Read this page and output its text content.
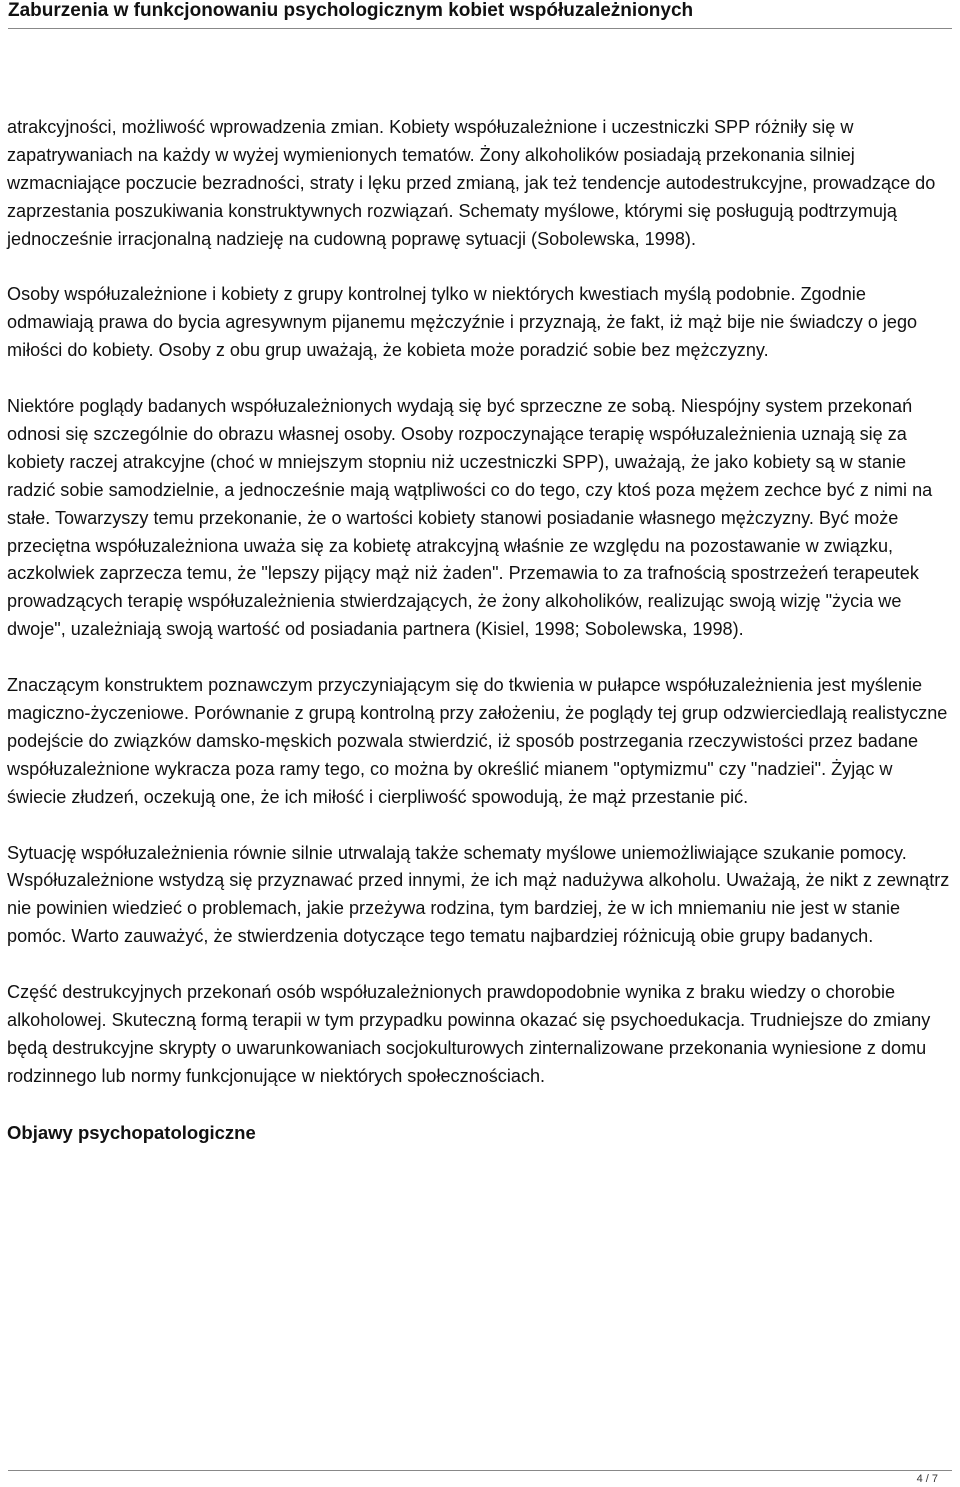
Zaburzenia w funkcjonowaniu psychologicznym kobiet współuzależnionych

atrakcyjności, możliwość wprowadzenia zmian. Kobiety współuzależnione i uczestniczki SPP różniły się w zapatrywaniach na każdy w wyżej wymienionych tematów. Żony alkoholików posiadają przekonania silniej wzmacniające poczucie bezradności, straty i lęku przed zmianą, jak też tendencje autodestrukcyjne, prowadzące do zaprzestania poszukiwania konstruktywnych rozwiązań. Schematy myślowe, którymi się posługują podtrzymują jednocześnie irracjonalną nadzieję na cudowną poprawę sytuacji (Sobolewska, 1998).

Osoby współuzależnione i kobiety z grupy kontrolnej tylko w niektórych kwestiach myślą podobnie. Zgodnie odmawiają prawa do bycia agresywnym pijanemu mężczyźnie i przyznają, że fakt, iż mąż bije nie świadczy o jego miłości do kobiety. Osoby z obu grup uważają, że kobieta może poradzić sobie bez mężczyzny.

Niektóre poglądy badanych współuzależnionych wydają się być sprzeczne ze sobą. Niespójny system przekonań odnosi się szczególnie do obrazu własnej osoby. Osoby rozpoczynające terapię współuzależnienia uznają się za kobiety raczej atrakcyjne (choć w mniejszym stopniu niż uczestniczki SPP), uważają, że jako kobiety są w stanie radzić sobie samodzielnie, a jednocześnie mają wątpliwości co do tego, czy ktoś poza mężem zechce być z nimi na stałe. Towarzyszy temu przekonanie, że o wartości kobiety stanowi posiadanie własnego mężczyzny. Być może przeciętna współuzależniona uważa się za kobietę atrakcyjną właśnie ze względu na pozostawanie w związku, aczkolwiek zaprzecza temu, że "lepszy pijący mąż niż żaden". Przemawia to za trafnością spostrzeżeń terapeutek prowadzących terapię współuzależnienia stwierdzających, że żony alkoholików, realizując swoją wizję "życia we dwoje", uzależniają swoją wartość od posiadania partnera (Kisiel, 1998; Sobolewska, 1998).

Znaczącym konstruktem poznawczym przyczyniającym się do tkwienia w pułapce współuzależnienia jest myślenie magiczno-życzeniowe. Porównanie z grupą kontrolną przy założeniu, że poglądy tej grup odzwierciedlają realistyczne podejście do związków damsko-męskich pozwala stwierdzić, iż sposób postrzegania rzeczywistości przez badane współuzależnione wykracza poza ramy tego, co można by określić mianem "optymizmu" czy "nadziei". Żyjąc w świecie złudzeń, oczekują one, że ich miłość i cierpliwość spowodują, że mąż przestanie pić.

Sytuację współuzależnienia równie silnie utrwalają także schematy myślowe uniemożliwiające szukanie pomocy. Współuzależnione wstydzą się przyznawać przed innymi, że ich mąż nadużywa alkoholu. Uważają, że nikt z zewnątrz nie powinien wiedzieć o problemach, jakie przeżywa rodzina, tym bardziej, że w ich mniemaniu nie jest w stanie pomóc. Warto zauważyć, że stwierdzenia dotyczące tego tematu najbardziej różnicują obie grupy badanych.

Część destrukcyjnych przekonań osób współuzależnionych prawdopodobnie wynika z braku wiedzy o chorobie alkoholowej. Skuteczną formą terapii w tym przypadku powinna okazać się psychoedukacja. Trudniejsze do zmiany będą destrukcyjne skrypty o uwarunkowaniach socjokulturowych zinternalizowane przekonania wyniesione z domu rodzinnego lub normy funkcjonujące w niektórych społecznościach.

Objawy psychopatologiczne
4 / 7
